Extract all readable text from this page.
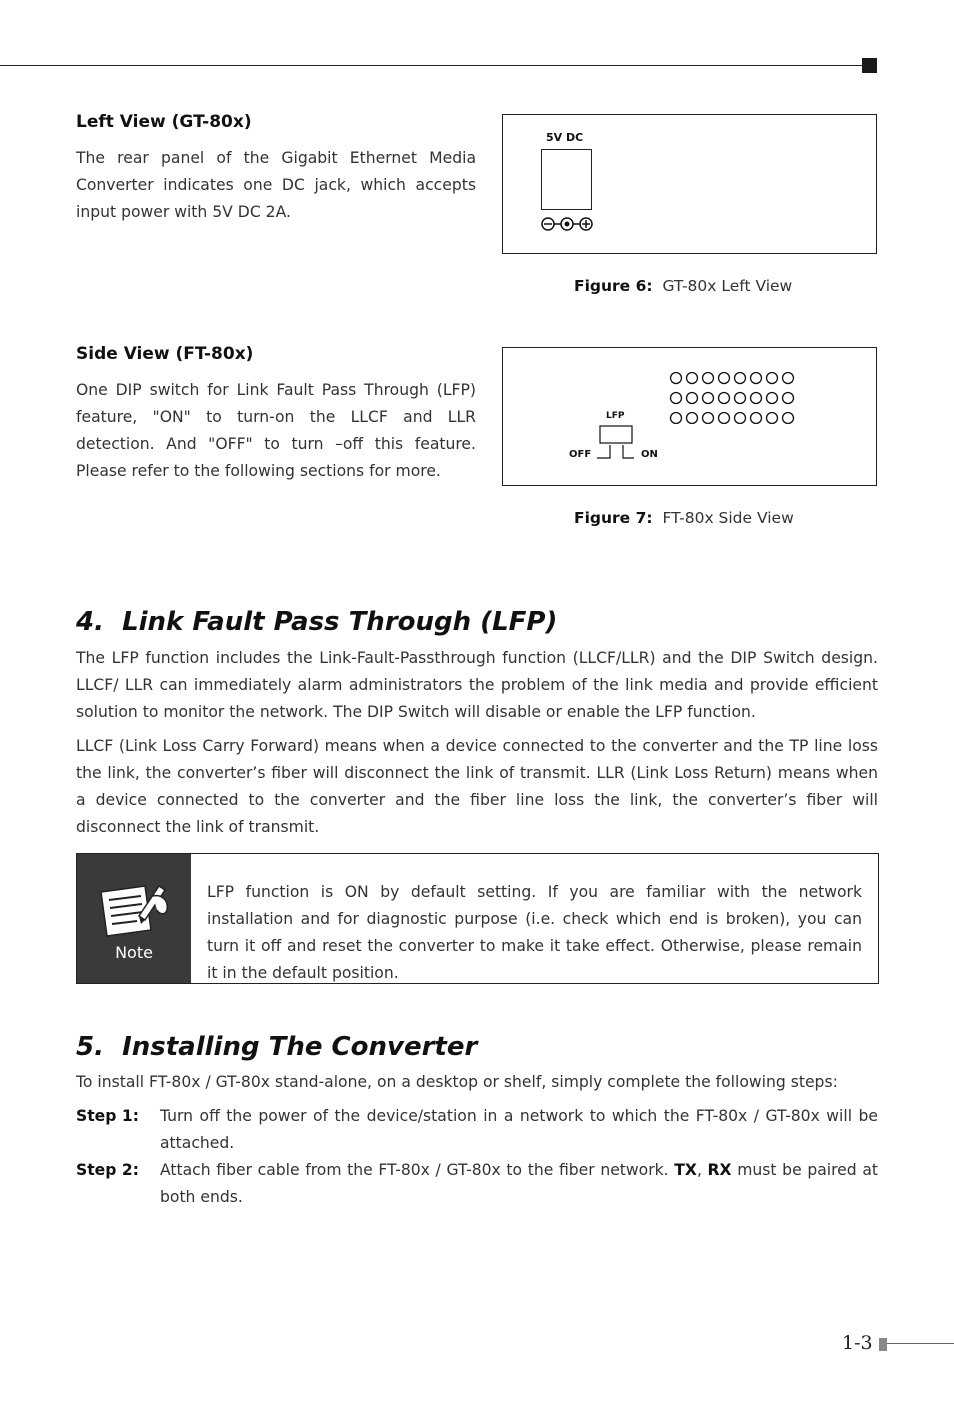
Left View (GT-80x)
The rear panel of the Gigabit Ethernet Media Converter indicates one DC jack, which accepts input power with 5V DC 2A.
5V DC
Figure 6: GT-80x Left View
Side View (FT-80x)
One DIP switch for Link Fault Pass Through (LFP) feature, "ON" to turn-on the LLCF and LLR detection. And "OFF" to turn –off this feature. Please refer to the following sections for more.
LFP
OFF	ON
Figure 7: FT-80x Side View
4.  Link Fault Pass Through (LFP)
The LFP function includes the Link-Fault-Passthrough function (LLCF/LLR) and the DIP Switch design. LLCF/ LLR can immediately alarm administrators the problem of the link media and provide efficient solution to monitor the network. The DIP Switch will disable or enable the LFP function.
LLCF (Link Loss Carry Forward) means when a device connected to the converter and the TP line loss the link, the converter’s fiber will disconnect the link of transmit. LLR (Link Loss Return) means when a device connected to the converter and the fiber line loss the link, the converter’s fiber will disconnect the link of transmit.
Note
LFP function is ON by default setting. If you are familiar with the network installation and for diagnostic purpose (i.e. check which end is broken), you can turn it off and reset the converter to make it take effect. Otherwise, please remain it in the default position.
5.  Installing The Converter
To install FT-80x / GT-80x stand-alone, on a desktop or shelf, simply complete the following steps:
Step 1: Turn off the power of the device/station in a network to which the FT-80x / GT-80x will be attached.
Step 2: Attach fiber cable from the FT-80x / GT-80x to the fiber network. TX, RX must be paired at both ends.
1-3
